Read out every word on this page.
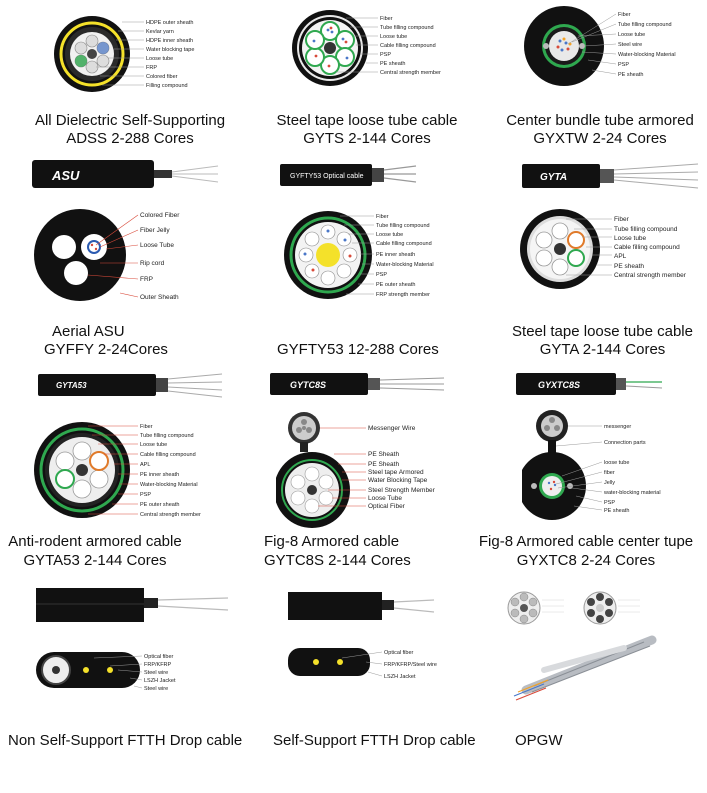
HDPE outer sheath
Kevlar yarn
HDPE inner sheath
Water blocking tape
Loose tube
FRP
Colored fiber
Filling compound
All Dielectric Self-Supporting
ADSS 2-288 Cores
Fiber
Tube filling compound
Loose tube
Cable filling compound
PSP
PE sheath
Central strength member
Steel tape loose tube cable
GYTS 2-144 Cores
Fiber
Tube filling compound
Loose tube
Steel wire
Water-blocking Material
PSP
PE sheath
Center bundle tube armored
GYXTW 2-24 Cores
ASU
Colored Fiber
Fiber Jelly
Loose Tube
Rip cord
FRP
Outer Sheath
Aerial ASU
GYFFY 2-24Cores
GYFTY53 Optical cable
Fiber
Tube filling compound
Loose tube
Cable filling compound
PE inner sheath
Water-blocking Material
PSP
PE outer sheath
FRP strength member
GYFTY53 12-288 Cores
GYTA
Fiber
Tube filling compound
Loose tube
Cable filling compound
APL
PE sheath
Central strength member
Steel tape loose tube cable
GYTA 2-144 Cores
GYTA53
Fiber
Tube filling compound
Loose tube
Cable filling compound
APL
PE inner sheath
Water-blocking Material
PSP
PE outer sheath
Central strength member
Anti-rodent armored cable
GYTA53 2-144 Cores
GYTC8S
Messenger Wire
PE Sheath
PE Sheath
Steel tape Armored
Water Blocking Tape
Steel Strength Member
Loose Tube
Optical Fiber
Fig-8 Armored cable
GYTC8S 2-144 Cores
GYXTC8S
messenger
Connection parts
loose tube
fiber
Jelly
water-blocking material
PSP
PE sheath
Fig-8 Armored cable center tupe
GYXTC8 2-24 Cores
Optical fiber
FRP/KFRP
Steel wire
LSZH Jacket
Steel wire
Non Self-Support FTTH Drop cable
Optical fiber
FRP/KFRP/Steel wire
LSZH Jacket
Self-Support FTTH Drop cable	OPGW
